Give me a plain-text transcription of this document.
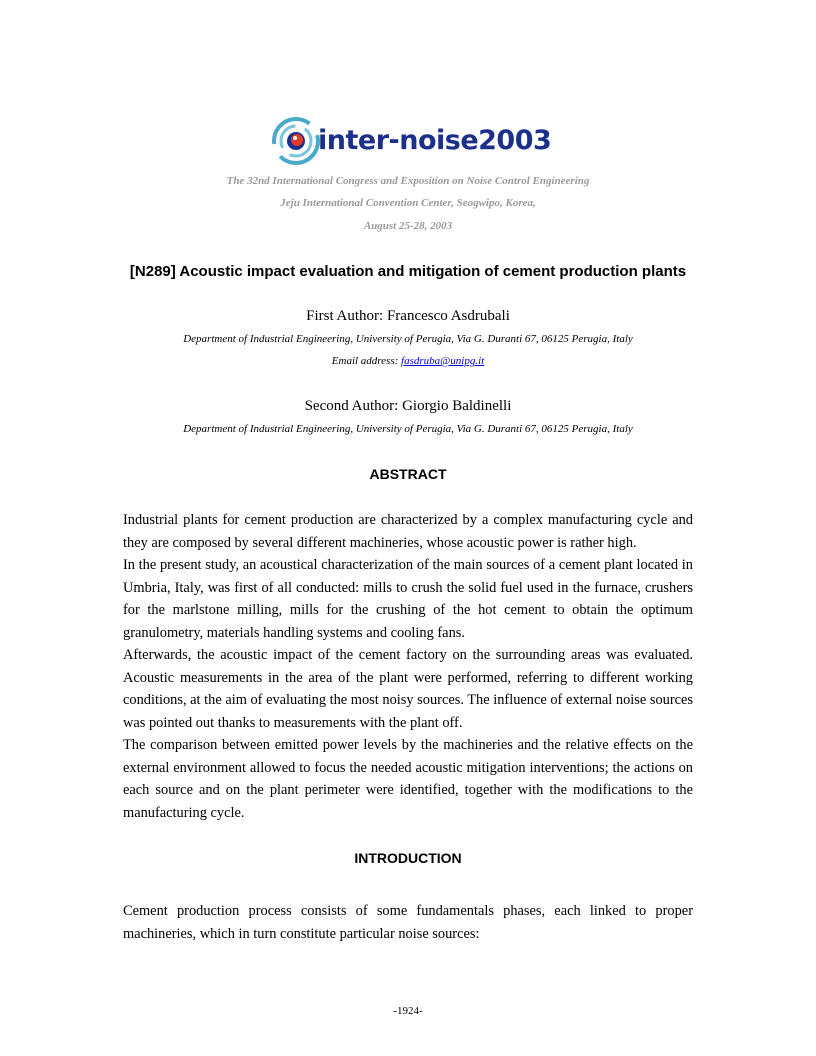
inter-noise2003

The 32nd International Congress and Exposition on Noise Control Engineering
Jeju International Convention Center, Seogwipo, Korea,
August 25-28, 2003
[N289] Acoustic impact evaluation and mitigation of cement production plants
First Author: Francesco Asdrubali
Department of Industrial Engineering, University of Perugia, Via G. Duranti 67, 06125 Perugia, Italy
Email address: fasdruba@unipg.it
Second Author: Giorgio Baldinelli
Department of Industrial Engineering, University of Perugia, Via G. Duranti 67, 06125 Perugia, Italy
ABSTRACT

Industrial plants for cement production are characterized by a complex manufacturing cycle and they are composed by several different machineries, whose acoustic power is rather high.

In the present study, an acoustical characterization of the main sources of a cement plant located in Umbria, Italy, was first of all conducted: mills to crush the solid fuel used in the furnace, crushers for the marlstone milling, mills for the crushing of the hot cement to obtain the optimum granulometry, materials handling systems and cooling fans.

Afterwards, the acoustic impact of the cement factory on the surrounding areas was evaluated. Acoustic measurements in the area of the plant were performed, referring to different working conditions, at the aim of evaluating the most noisy sources. The influence of external noise sources was pointed out thanks to measurements with the plant off.

The comparison between emitted power levels by the machineries and the relative effects on the external environment allowed to focus the needed acoustic mitigation interventions; the actions on each source and on the plant perimeter were identified, together with the modifications to the manufacturing cycle.

INTRODUCTION

Cement production process consists of some fundamentals phases, each linked to proper machineries, which in turn constitute particular noise sources:

-1924-
